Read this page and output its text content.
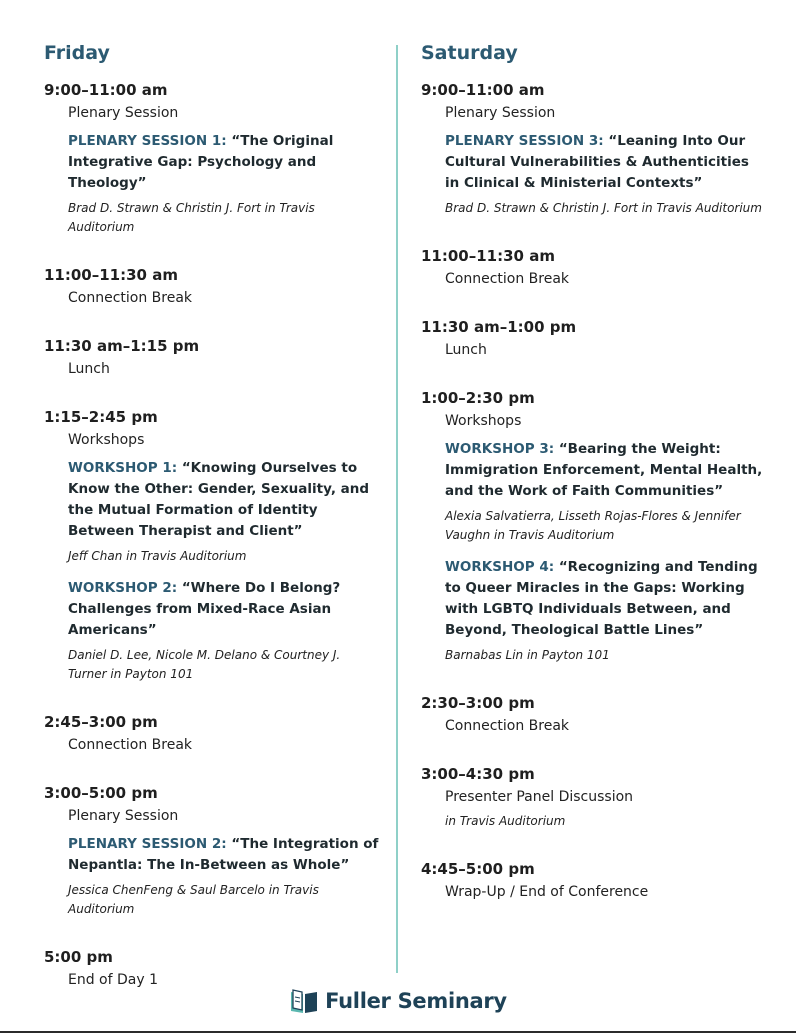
Friday
9:00–11:00 am
Plenary Session
PLENARY SESSION 1: “The Original Integrative Gap: Psychology and Theology”
Brad D. Strawn & Christin J. Fort in Travis Auditorium
11:00–11:30 am
Connection Break
11:30 am–1:15 pm
Lunch
1:15–2:45 pm
Workshops
WORKSHOP 1: “Knowing Ourselves to Know the Other: Gender, Sexuality, and the Mutual Formation of Identity Between Therapist and Client”
Jeff Chan in Travis Auditorium
WORKSHOP 2: “Where Do I Belong? Challenges from Mixed-Race Asian Americans”
Daniel D. Lee, Nicole M. Delano & Courtney J. Turner in Payton 101
2:45–3:00 pm
Connection Break
3:00–5:00 pm
Plenary Session
PLENARY SESSION 2: “The Integration of Nepantla: The In-Between as Whole”
Jessica ChenFeng & Saul Barcelo in Travis Auditorium
5:00 pm
End of Day 1
Saturday
9:00–11:00 am
Plenary Session
PLENARY SESSION 3: “Leaning Into Our Cultural Vulnerabilities & Authenticities in Clinical & Ministerial Contexts”
Brad D. Strawn & Christin J. Fort in Travis Auditorium
11:00–11:30 am
Connection Break
11:30 am–1:00 pm
Lunch
1:00–2:30 pm
Workshops
WORKSHOP 3: “Bearing the Weight: Immigration Enforcement, Mental Health, and the Work of Faith Communities”
Alexia Salvatierra, Lisseth Rojas-Flores & Jennifer Vaughn in Travis Auditorium
WORKSHOP 4: “Recognizing and Tending to Queer Miracles in the Gaps: Working with LGBTQ Individuals Between, and Beyond, Theological Battle Lines”
Barnabas Lin in Payton 101
2:30–3:00 pm
Connection Break
3:00–4:30 pm
Presenter Panel Discussion
in Travis Auditorium
4:45–5:00 pm
Wrap-Up / End of Conference
Fuller Seminary
